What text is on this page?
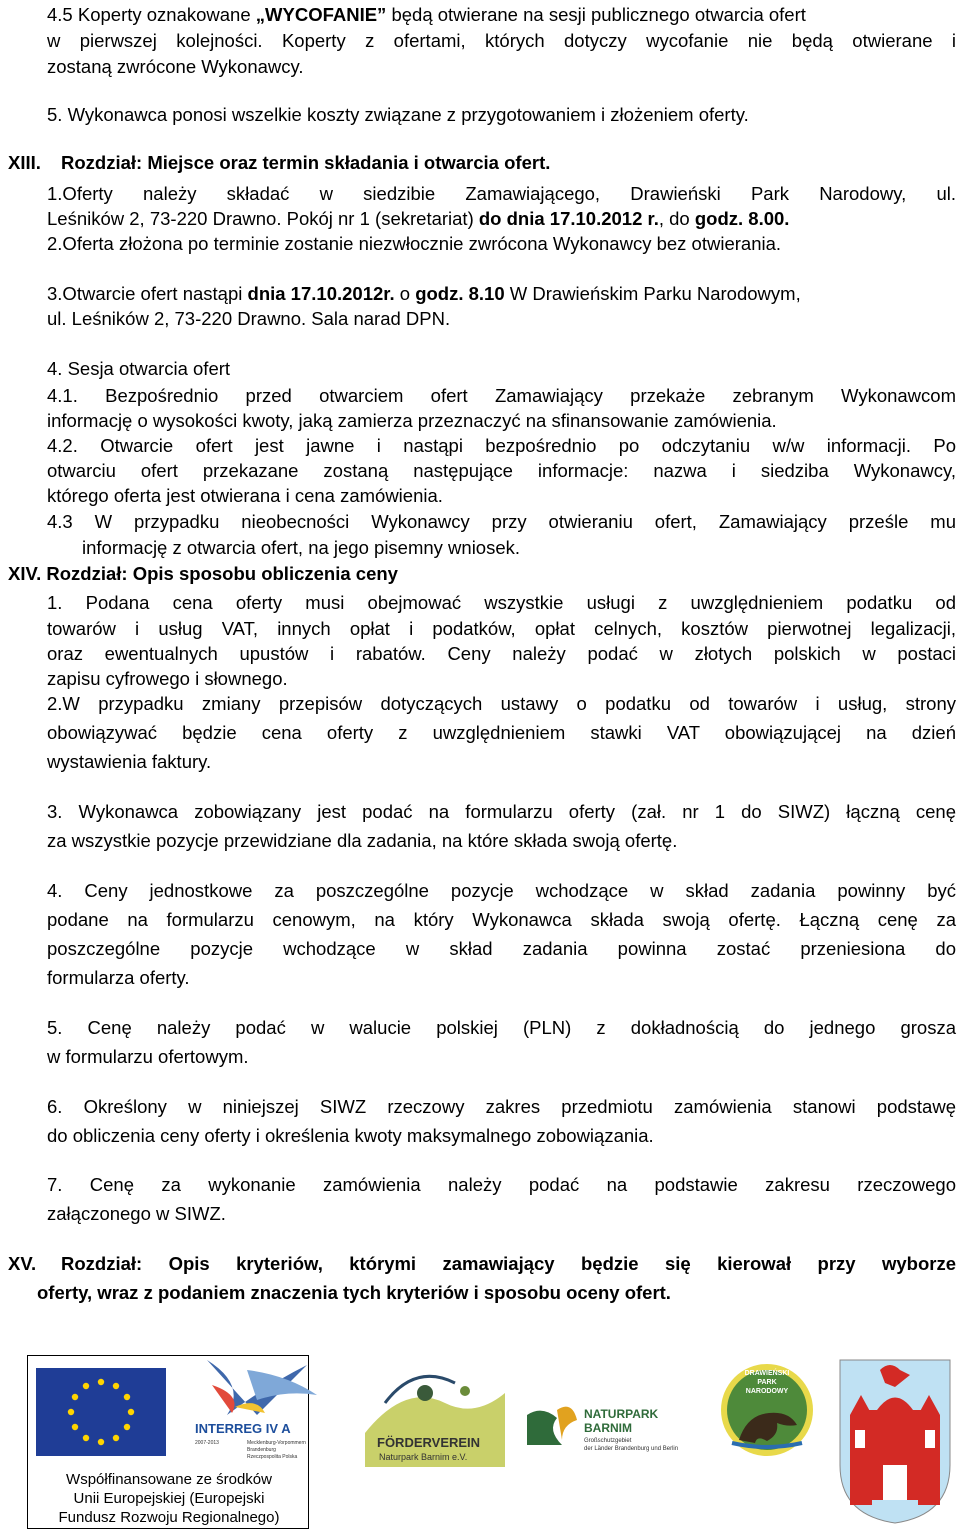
4.5 Koperty oznakowane „WYCOFANIE” będą otwierane na sesji publicznego otwarcia ofert
w pierwszej kolejności. Koperty z ofertami, których dotyczy wycofanie nie będą otwierane i
zostaną zwrócone Wykonawcy.
5. Wykonawca ponosi wszelkie koszty związane z przygotowaniem i złożeniem oferty.
XIII. Rozdział: Miejsce oraz termin składania i otwarcia ofert.
1.Oferty należy składać w siedzibie Zamawiającego, Drawieński Park Narodowy, ul.
Leśników 2, 73-220 Drawno. Pokój nr 1 (sekretariat) do dnia 17.10.2012 r., do godz. 8.00.
2.Oferta złożona po terminie zostanie niezwłocznie zwrócona Wykonawcy bez otwierania.
3.Otwarcie ofert nastąpi dnia 17.10.2012r. o godz. 8.10 W Drawieńskim Parku Narodowym,
ul. Leśników 2, 73-220 Drawno. Sala narad DPN.
4. Sesja otwarcia ofert
4.1. Bezpośrednio przed otwarciem ofert Zamawiający przekaże zebranym Wykonawcom
informację o wysokości kwoty, jaką zamierza przeznaczyć na sfinansowanie zamówienia.
4.2. Otwarcie ofert jest jawne i nastąpi bezpośrednio po odczytaniu w/w informacji. Po
otwarciu ofert przekazane zostaną następujące informacje: nazwa i siedziba Wykonawcy,
którego oferta jest otwierana i cena zamówienia.
4.3 W przypadku nieobecności Wykonawcy przy otwieraniu ofert, Zamawiający prześle mu
informację z otwarcia ofert, na jego pisemny wniosek.
XIV. Rozdział: Opis sposobu obliczenia ceny
1. Podana cena oferty musi obejmować wszystkie usługi z uwzględnieniem podatku od
towarów i usług VAT, innych opłat i podatków, opłat celnych, kosztów pierwotnej legalizacji,
oraz ewentualnych upustów i rabatów. Ceny należy podać w złotych polskich w postaci
zapisu cyfrowego i słownego.
2.W przypadku zmiany przepisów dotyczących ustawy o podatku od towarów i usług, strony
obowiązywać będzie cena oferty z uwzględnieniem stawki VAT obowiązującej na dzień
wystawienia faktury.
3. Wykonawca zobowiązany jest podać na formularzu oferty (zał. nr 1 do SIWZ) łączną cenę
za wszystkie pozycje przewidziane dla zadania, na które składa swoją ofertę.
4. Ceny jednostkowe za poszczególne pozycje wchodzące w skład zadania powinny być
podane na formularzu cenowym, na który Wykonawca składa swoją ofertę. Łączną cenę za
poszczególne pozycje wchodzące w skład zadania powinna zostać przeniesiona do
formularza oferty.
5. Cenę należy podać w walucie polskiej (PLN) z dokładnością do jednego grosza
w formularzu ofertowym.
6. Określony w niniejszej SIWZ rzeczowy zakres przedmiotu zamówienia stanowi podstawę
do obliczenia ceny oferty i określenia kwoty maksymalnego zobowiązania.
7. Cenę za wykonanie zamówienia należy podać na podstawie zakresu rzeczowego
załączonego w SIWZ.
XV. Rozdział: Opis kryteriów, którymi zamawiający będzie się kierował przy wyborze
oferty, wraz z podaniem znaczenia tych kryteriów i sposobu oceny ofert.
Współfinansowane ze środków
Unii Europejskiej (Europejski
Fundusz Rozwoju Regionalnego)
INTERREG IV A
2007-2013	Mecklenburg-Vorpommern
Brandenburg
Rzeczpospolita Polska
FÖRDERVEREIN
Naturpark Barnim e.V.
NATURPARK
BARNIM
Großschutzgebiet
der Länder Brandenburg und Berlin
DRAWIEŃSKI
PARK
NARODOWY
